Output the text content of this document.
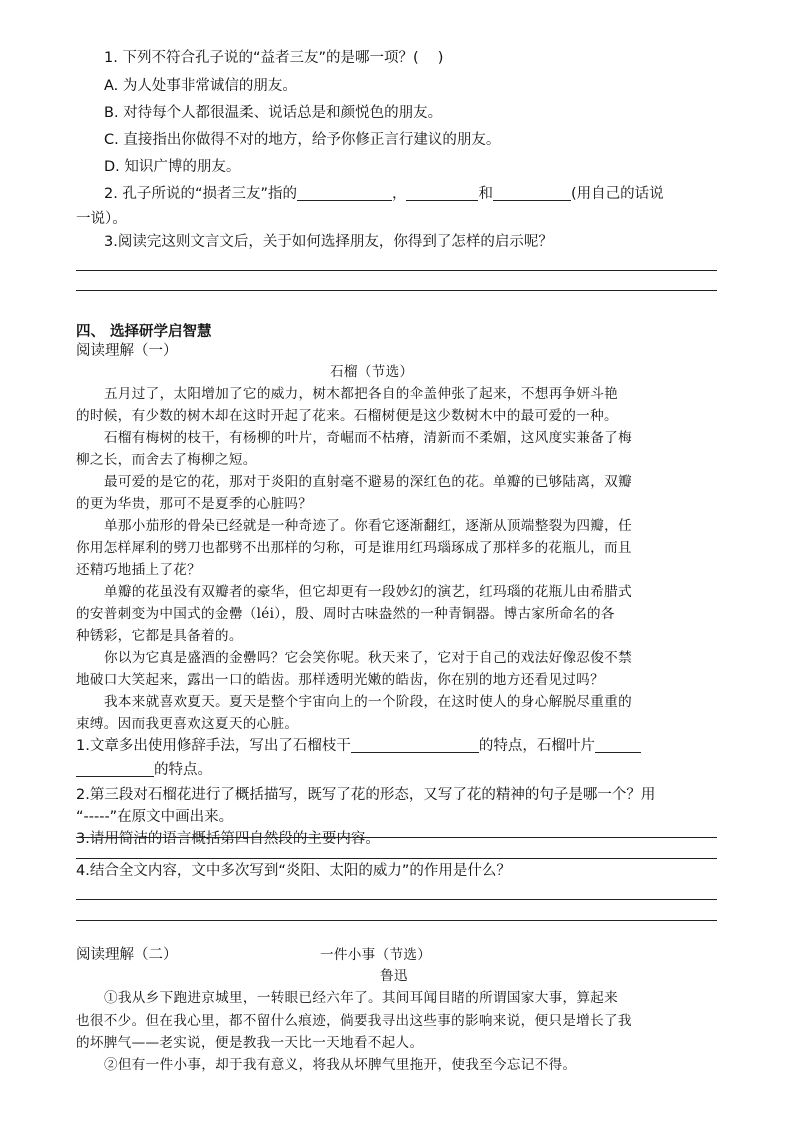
1. 下列不符合孔子说的“益者三友”的是哪一项？(　 )
A. 为人处事非常诚信的朋友。
B. 对待每个人都很温柔、说话总是和颜悦色的朋友。
C. 直接指出你做得不对的地方，给予你修正言行建议的朋友。
D. 知识广博的朋友。
2. 孔子所说的“损者三友”指的	，	和	(用自己的话说
一说）。
3.阅读完这则文言文后，关于如何选择朋友，你得到了怎样的启示呢？
四、 选择研学启智慧
阅读理解（一）
石榴（节选）
五月过了，太阳增加了它的威力，树木都把各自的伞盖伸张了起来，不想再争妍斗艳
的时候，有少数的树木却在这时开起了花来。石榴树便是这少数树木中的最可爱的一种。
石榴有梅树的枝干，有杨柳的叶片，奇崛而不枯瘠，清新而不柔媚，这风度实兼备了梅
柳之长，而舍去了梅柳之短。
最可爱的是它的花，那对于炎阳的直射毫不避易的深红色的花。单瓣的已够陆离，双瓣
的更为华贵，那可不是夏季的心脏吗？
单那小茄形的骨朵已经就是一种奇迹了。你看它逐渐翻红，逐渐从顶端整裂为四瓣，任
你用怎样犀利的劈刀也都劈不出那样的匀称，可是谁用红玛瑙琢成了那样多的花瓶儿，而且
还精巧地插上了花？
单瓣的花虽没有双瓣者的豪华，但它却更有一段妙幻的演艺，红玛瑙的花瓶儿由希腊式
的安普刺变为中国式的金罍（léi），殷、周时古味盎然的一种青铜器。博古家所命名的各
种锈彩，它都是具备着的。
你以为它真是盛酒的金罍吗？它会笑你呢。秋天来了，它对于自己的戏法好像忍俊不禁
地破口大笑起来，露出一口的皓齿。那样透明光嫩的皓齿，你在别的地方还看见过吗？
我本来就喜欢夏天。夏天是整个宇宙向上的一个阶段，在这时使人的身心解脱尽重重的
束缚。因而我更喜欢这夏天的心脏。
1.文章多出使用修辞手法，写出了石榴枝干	的特点，石榴叶片
的特点。
2.第三段对石榴花进行了概括描写，既写了花的形态，又写了花的精神的句子是哪一个？用
“-----”在原文中画出来。
3.请用简洁的语言概括第四自然段的主要内容。
4.结合全文内容，文中多次写到“炎阳、太阳的威力”的作用是什么？
阅读理解（二）	一件小事（节选）
鲁迅
①我从乡下跑进京城里，一转眼已经六年了。其间耳闻目睹的所谓国家大事，算起来
也很不少。但在我心里，都不留什么痕迹，倘要我寻出这些事的影响来说，便只是增长了我
的坏脾气——老实说，便是教我一天比一天地看不起人。
②但有一件小事，却于我有意义，将我从坏脾气里拖开，使我至今忘记不得。
